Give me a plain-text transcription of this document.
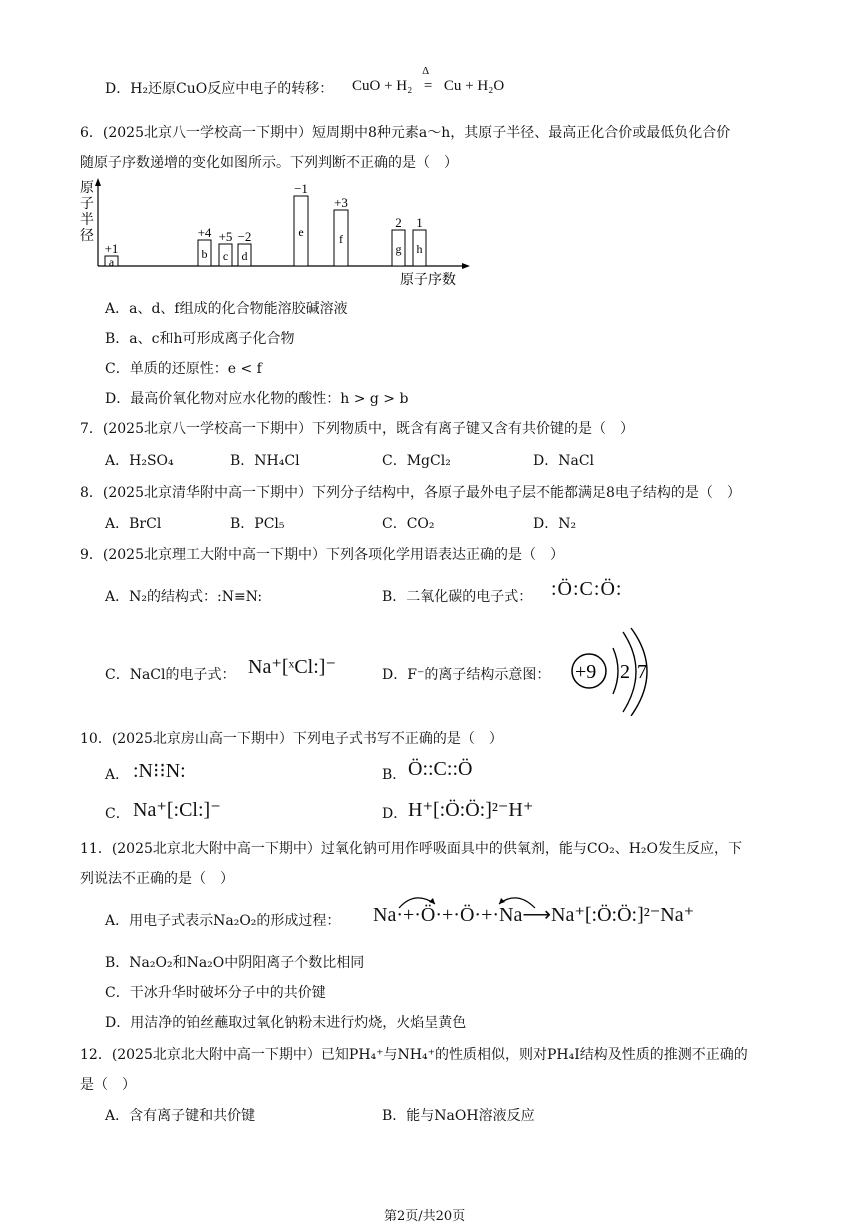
D．H₂还原CuO反应中电子的转移： CuO + H₂
Δ
= Cu + H₂O
6．(2025北京八一学校高一下期中）短周期中8种元素a～h，其原子半径、最高正化合价或最低负化合价
随原子序数递增的变化如图所示。下列判断不正确的是（　）
原
子
半
径
原子序数
a
+1	b
+4
c
+5
d
−2	e
−1
f
+3
g
2
h
1
A．a、d、f组成的化合物能溶胶碱溶液
B．a、c和h可形成离子化合物
C．单质的还原性：e < f
D．最高价氧化物对应水化物的酸性：h > g > b
7．(2025北京八一学校高一下期中）下列物质中，既含有离子键又含有共价键的是（　）
A．H₂SO₄	B．NH₄Cl	C．MgCl₂	D．NaCl
8．(2025北京清华附中高一下期中）下列分子结构中，各原子最外电子层不能都满足8电子结构的是（　）
A．BrCl	B．PCl₅	C．CO₂	D．N₂
9．(2025北京理工大附中高一下期中）下列各项化学用语表达正确的是（　）
A．N₂的结构式：:N≡N:	B．二氧化碳的电子式： :Ö:C:Ö:
C．NaCl的电子式： Na⁺[ˣCl:]⁻	D．F⁻的离子结构示意图： +9 2 7
10．(2025北京房山高一下期中）下列电子式书写不正确的是（　）
A． :N⁝⁝N:	B． Ö::C::Ö
C． Na⁺[:Cl:]⁻	D． H⁺[:Ö:Ö:]²⁻H⁺
11．(2025北京北大附中高一下期中）过氧化钠可用作呼吸面具中的供氧剂，能与CO₂、H₂O发生反应，下
列说法不正确的是（　）
A．用电子式表示Na₂O₂的形成过程： Na·+·Ö·+·Ö·+·Na⟶Na⁺[:Ö:Ö:]²⁻Na⁺
B．Na₂O₂和Na₂O中阴阳离子个数比相同
C．干冰升华时破坏分子中的共价键
D．用洁净的铂丝蘸取过氧化钠粉末进行灼烧，火焰呈黄色
12．(2025北京北大附中高一下期中）已知PH₄⁺与NH₄⁺的性质相似，则对PH₄I结构及性质的推测不正确的
是（　）
A．含有离子键和共价键	B．能与NaOH溶液反应
第2页/共20页
